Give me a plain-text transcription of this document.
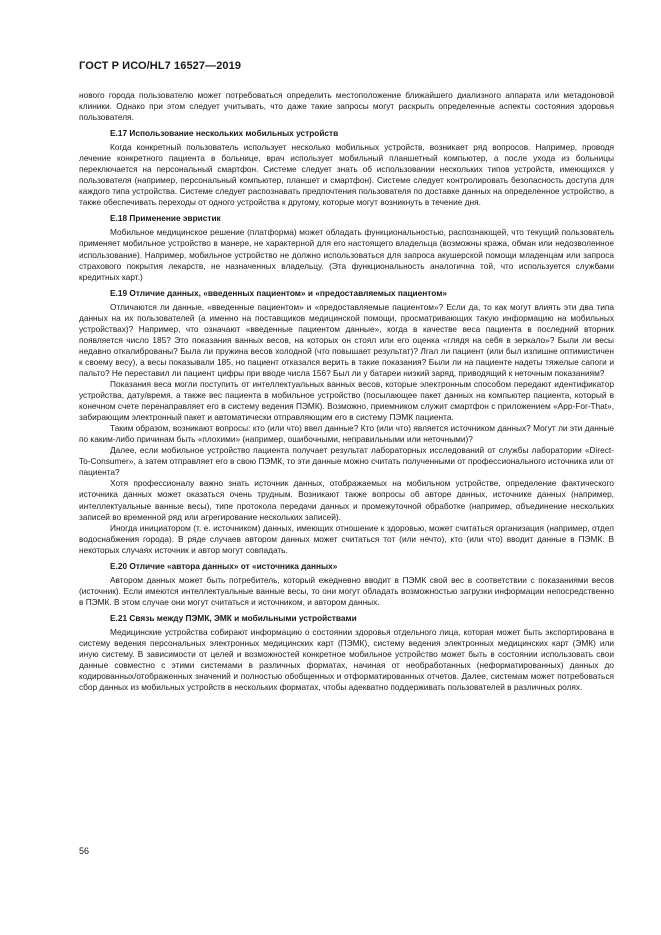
ГОСТ Р ИСО/HL7 16527—2019

нового города пользователю может потребоваться определить местоположение ближайшего диализного аппарата или метадоновой клиники. Однако при этом следует учитывать, что даже такие запросы могут раскрыть определенные аспекты состояния здоровья пользователя.

Е.17 Использование нескольких мобильных устройств

Когда конкретный пользователь использует несколько мобильных устройств, возникает ряд вопросов. Например, проводя лечение конкретного пациента в больнице, врач использует мобильный планшетный компьютер, а после ухода из больницы переключается на персональный смартфон. Системе следует знать об использовании нескольких типов устройств, имеющихся у пользователя (например, персональный компьютер, планшет и смартфон). Системе следует контролировать безопасность доступа для каждого типа устройства. Системе следует распознавать предпочтения пользователя по доставке данных на определенное устройство, а также обеспечивать переходы от одного устройства к другому, которые могут возникнуть в течение дня.

Е.18 Применение эвристик

Мобильное медицинское решение (платформа) может обладать функциональностью, распознающей, что текущий пользователь применяет мобильное устройство в манере, не характерной для его настоящего владельца (возможны кража, обман или недозволенное использование). Например, мобильное устройство не должно использоваться для запроса акушерской помощи младенцам или запроса страхового покрытия лекарств, не назначенных владельцу. (Эта функциональность аналогична той, что используется службами кредитных карт.)

Е.19 Отличие данных, «введенных пациентом» и «предоставляемых пациентом»

Отличаются ли данные, «введенные пациентом» и «предоставляемые пациентом»? Если да, то как могут влиять эти два типа данных на их пользователей (а именно на поставщиков медицинской помощи, просматривающих такую информацию на мобильных устройствах)? Например, что означают «введенные пациентом данные», когда в качестве веса пациента в последний вторник появляется число 185? Это показания ванных весов, на которых он стоял или его оценка «глядя на себя в зеркало»? Были ли весы недавно откалиброваны? Была ли пружина весов холодной (что повышает результат)? Лгал ли пациент (или был излишне оптимистичен к своему весу), а весы показывали 185, но пациент отказался верить в такие показания? Были ли на пациенте надеты тяжелые сапоги и пальто? Не переставил ли пациент цифры при вводе числа 156? Был ли у батареи низкий заряд, приводящий к неточным показаниям?

Показания веса могли поступить от интеллектуальных ванных весов, которые электронным способом передают идентификатор устройства, дату/время, а также вес пациента в мобильное устройство (посылающее пакет данных на компьютер пациента, который в конечном счете перенаправляет его в систему ведения ПЭМК). Возможно, приемником служит смартфон с приложением «App-For-That», забирающим электронный пакет и автоматически отправляющим его в систему ПЭМК пациента.

Таким образом, возникают вопросы: кто (или что) ввел данные? Кто (или что) является источником данных? Могут ли эти данные по каким-либо причинам быть «плохими» (например, ошибочными, неправильными или неточными)?

Далее, если мобильное устройство пациента получает результат лабораторных исследований от службы лаборатории «Direct-To-Consumer», а затем отправляет его в свою ПЭМК, то эти данные можно считать полученными от профессионального источника или от пациента?

Хотя профессионалу важно знать источник данных, отображаемых на мобильном устройстве, определение фактического источника данных может оказаться очень трудным. Возникают также вопросы об авторе данных, источнике данных (например, интеллектуальные ванные весы), типе протокола передачи данных и промежуточной обработке (например, объединение нескольких записей во временной ряд или агрегирование нескольких записей).

Иногда инициатором (т. е. источником) данных, имеющих отношение к здоровью, может считаться организация (например, отдел водоснабжения города). В ряде случаев автором данных может считаться тот (или нечто), кто (или что) вводит данные в ПЭМК. В некоторых случаях источник и автор могут совпадать.

Е.20 Отличие «автора данных» от «источника данных»

Автором данных может быть потребитель, который ежедневно вводит в ПЭМК свой вес в соответствии с показаниями весов (источник). Если имеются интеллектуальные ванные весы, то они могут обладать возможностью загрузки информации непосредственно в ПЭМК. В этом случае они могут считаться и источником, и автором данных.

Е.21 Связь между ПЭМК, ЭМК и мобильными устройствами

Медицинские устройства собирают информацию о состоянии здоровья отдельного лица, которая может быть экспортирована в систему ведения персональных электронных медицинских карт (ПЭМК), систему ведения электронных медицинских карт (ЭМК) или иную систему. В зависимости от целей и возможностей конкретное мобильное устройство может быть в состоянии использовать свои данные совместно с этими системами в различных форматах, начиная от необработанных (неформатированных) данных до кодированных/отображенных значений и полностью обобщенных и отформатированных отчетов. Далее, системам может потребоваться сбор данных из мобильных устройств в нескольких форматах, чтобы адекватно поддерживать пользователей в различных ролях.

56
